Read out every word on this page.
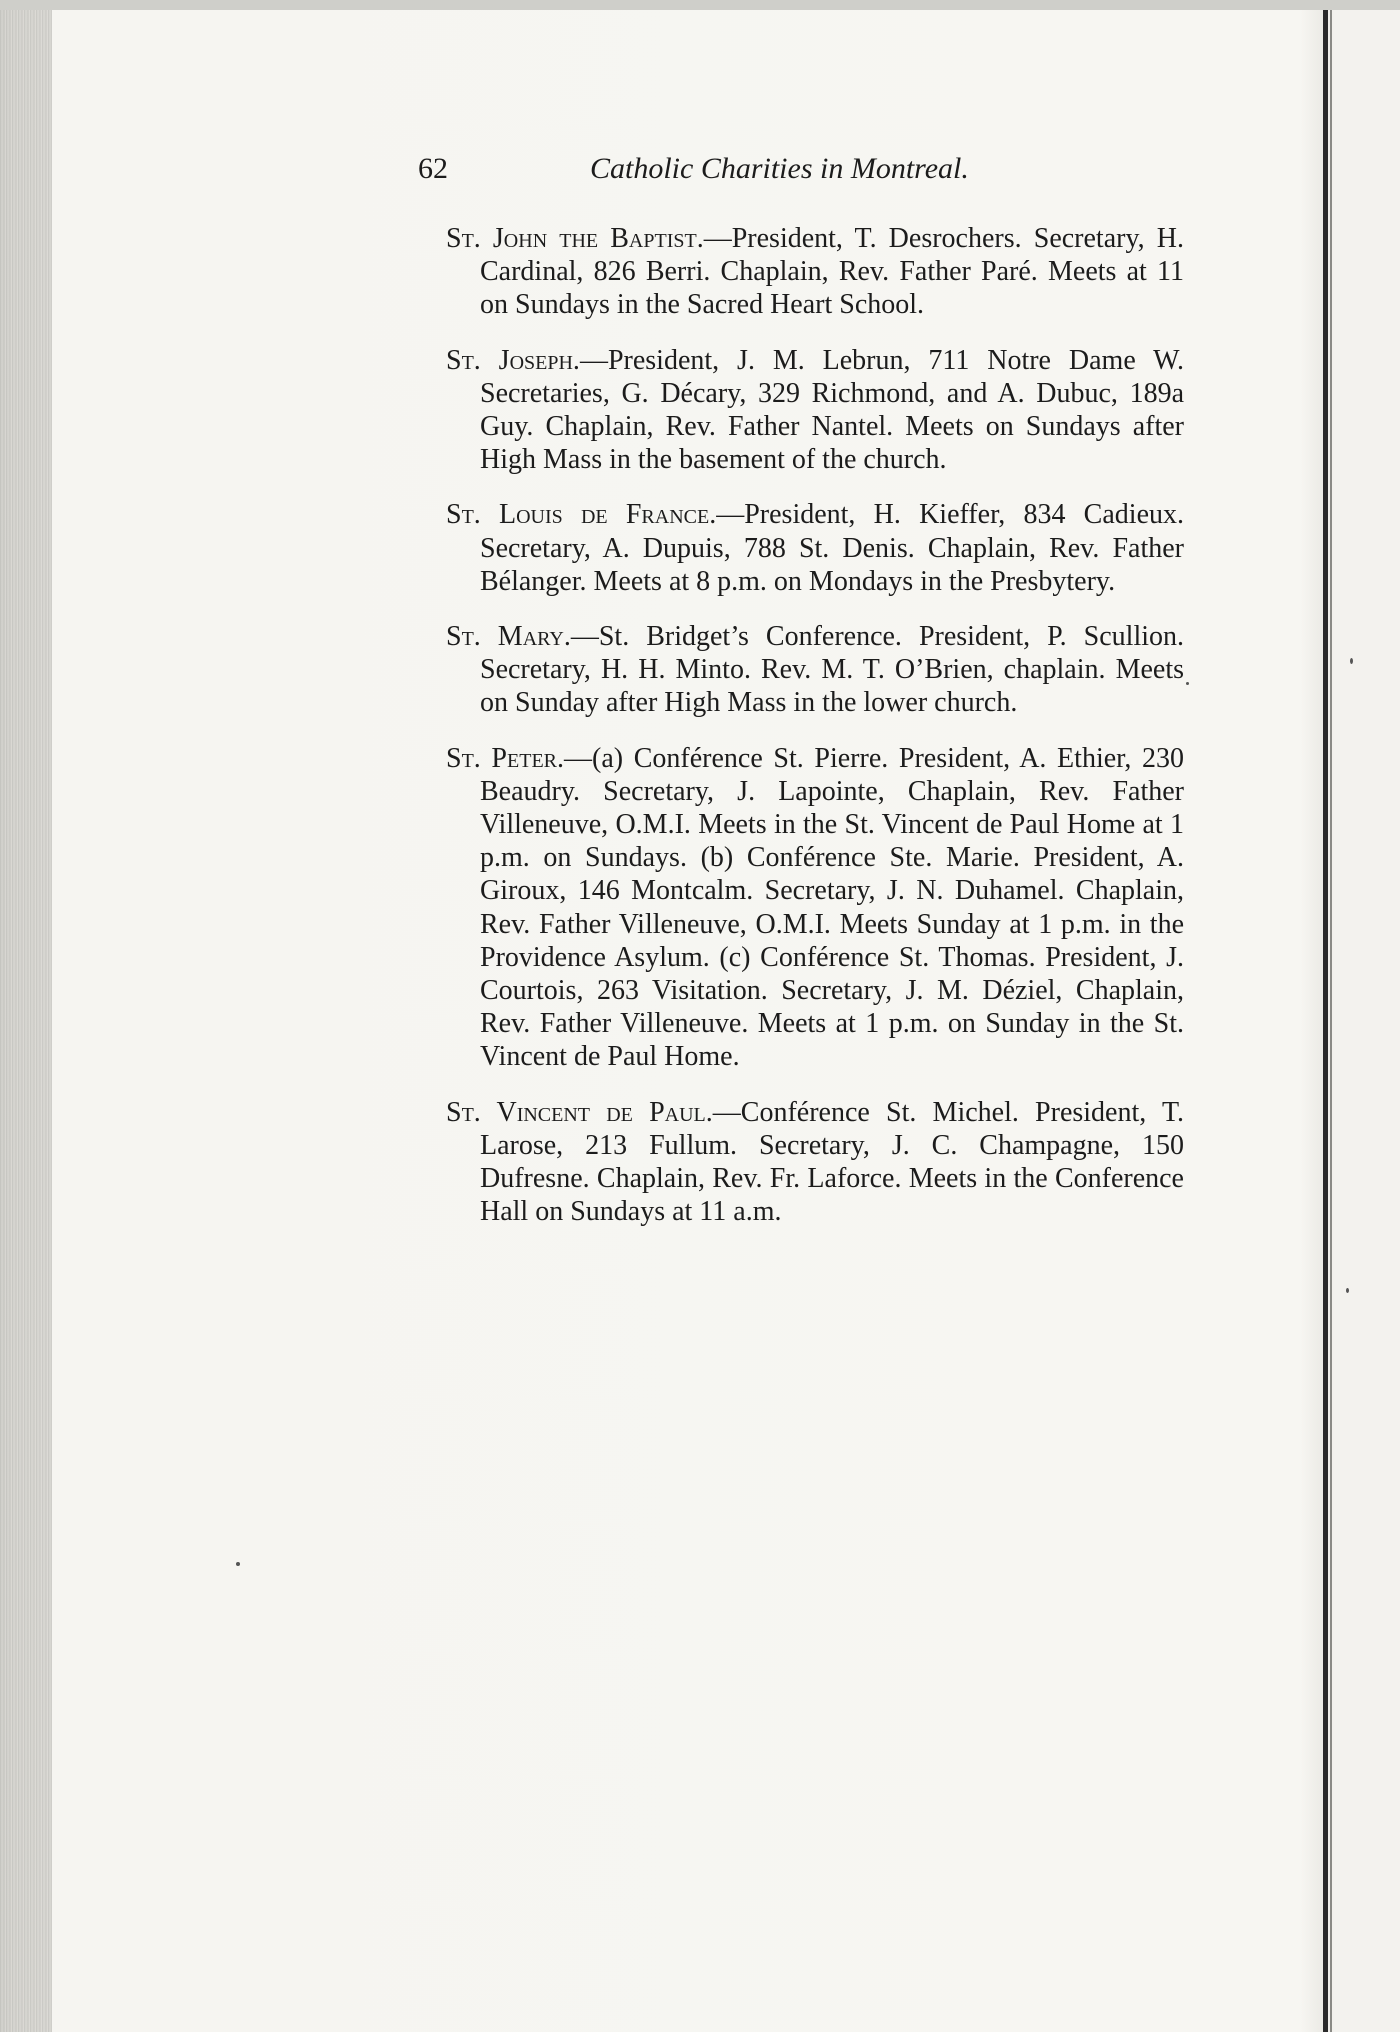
62	Catholic Charities in Montreal.

St. John the Baptist.—President, T. Desrochers. Secretary, H. Cardinal, 826 Berri. Chaplain, Rev. Father Paré. Meets at 11 on Sundays in the Sacred Heart School.

St. Joseph.—President, J. M. Lebrun, 711 Notre Dame W. Secretaries, G. Décary, 329 Richmond, and A. Dubuc, 189a Guy. Chaplain, Rev. Father Nantel. Meets on Sundays after High Mass in the basement of the church.

St. Louis de France.—President, H. Kieffer, 834 Cadieux. Secretary, A. Dupuis, 788 St. Denis. Chaplain, Rev. Father Bélanger. Meets at 8 p.m. on Mondays in the Presbytery.

St. Mary.—St. Bridget’s Conference. President, P. Scullion. Secretary, H. H. Minto. Rev. M. T. O’Brien, chaplain. Meets on Sunday after High Mass in the lower church.

St. Peter.—(a) Conférence St. Pierre. President, A. Ethier, 230 Beaudry. Secretary, J. Lapointe, Chaplain, Rev. Father Villeneuve, O.M.I. Meets in the St. Vincent de Paul Home at 1 p.m. on Sundays. (b) Conférence Ste. Marie. President, A. Giroux, 146 Montcalm. Secretary, J. N. Duhamel. Chaplain, Rev. Father Villeneuve, O.M.I. Meets Sunday at 1 p.m. in the Providence Asylum. (c) Conférence St. Thomas. President, J. Courtois, 263 Visitation. Secretary, J. M. Déziel, Chaplain, Rev. Father Villeneuve. Meets at 1 p.m. on Sunday in the St. Vincent de Paul Home.

St. Vincent de Paul.—Conférence St. Michel. President, T. Larose, 213 Fullum. Secretary, J. C. Champagne, 150 Dufresne. Chaplain, Rev. Fr. Laforce. Meets in the Conference Hall on Sundays at 11 a.m.
